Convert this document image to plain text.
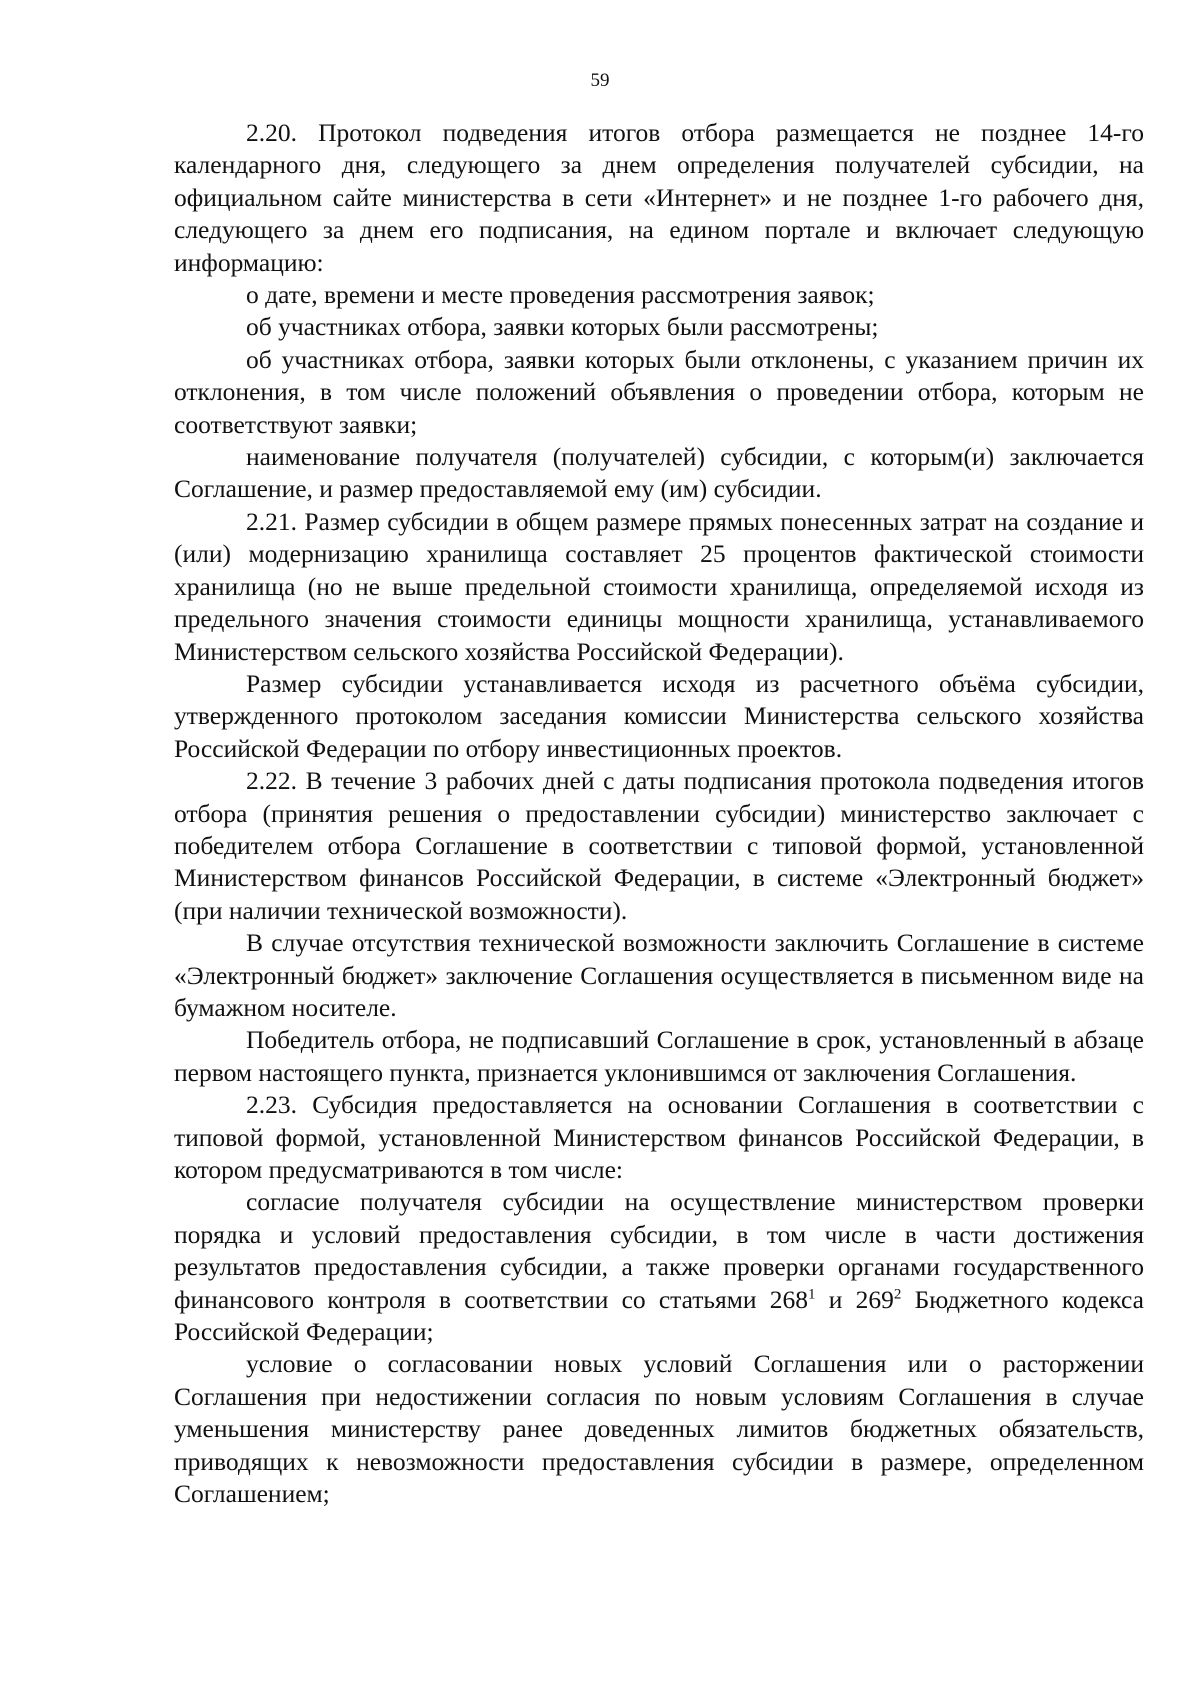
59

2.20. Протокол подведения итогов отбора размещается не позднее 14-го календарного дня, следующего за днем определения получателей субсидии, на официальном сайте министерства в сети «Интернет» и не позднее 1-го рабочего дня, следующего за днем его подписания, на едином портале и включает следующую информацию:

о дате, времени и месте проведения рассмотрения заявок;

об участниках отбора, заявки которых были рассмотрены;

об участниках отбора, заявки которых были отклонены, с указанием причин их отклонения, в том числе положений объявления о проведении отбора, которым не соответствуют заявки;

наименование получателя (получателей) субсидии, с которым(и) заключается Соглашение, и размер предоставляемой ему (им) субсидии.

2.21. Размер субсидии в общем размере прямых понесенных затрат на создание и (или) модернизацию хранилища составляет 25 процентов фактической стоимости хранилища (но не выше предельной стоимости хранилища, определяемой исходя из предельного значения стоимости единицы мощности хранилища, устанавливаемого Министерством сельского хозяйства Российской Федерации).

Размер субсидии устанавливается исходя из расчетного объёма субсидии, утвержденного протоколом заседания комиссии Министерства сельского хозяйства Российской Федерации по отбору инвестиционных проектов.

2.22. В течение 3 рабочих дней с даты подписания протокола подведения итогов отбора (принятия решения о предоставлении субсидии) министерство заключает с победителем отбора Соглашение в соответствии с типовой формой, установленной Министерством финансов Российской Федерации, в системе «Электронный бюджет» (при наличии технической возможности).

В случае отсутствия технической возможности заключить Соглашение в системе «Электронный бюджет» заключение Соглашения осуществляется в письменном виде на бумажном носителе.

Победитель отбора, не подписавший Соглашение в срок, установленный в абзаце первом настоящего пункта, признается уклонившимся от заключения Соглашения.

2.23. Субсидия предоставляется на основании Соглашения в соответствии с типовой формой, установленной Министерством финансов Российской Федерации, в котором предусматриваются в том числе:

согласие получателя субсидии на осуществление министерством проверки порядка и условий предоставления субсидии, в том числе в части достижения результатов предоставления субсидии, а также проверки органами государственного финансового контроля в соответствии со статьями $268^1$ и $269^2$ Бюджетного кодекса Российской Федерации;

условие о согласовании новых условий Соглашения или о расторжении Соглашения при недостижении согласия по новым условиям Соглашения в случае уменьшения министерству ранее доведенных лимитов бюджетных обязательств, приводящих к невозможности предоставления субсидии в размере, определенном Соглашением;
